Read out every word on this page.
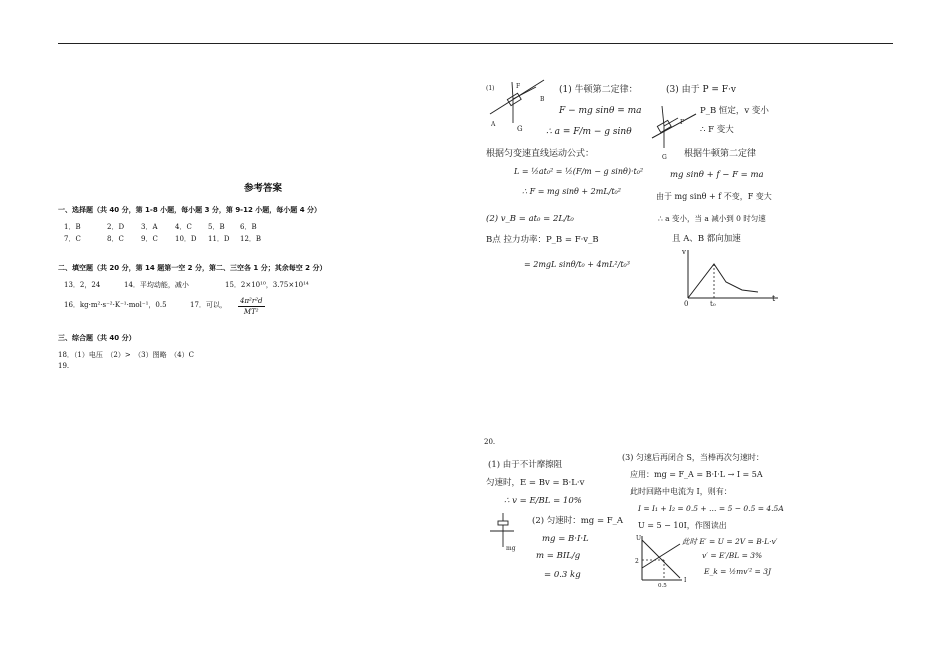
参考答案
一、选择题（共 40 分，第 1-8 小题，每小题 3 分，第 9-12 小题，每小题 4 分）
1．B	2．D 3．A 4．C 5．B 6．B
7．C	8．C 9．C 10．D 11．D 12．B
二、填空题（共 20 分，第 14 题第一空 2 分，第二、三空各 1 分；其余每空 2 分）
13．2，24	14．平均动能，减小	15．2×10¹⁰，3.75×10¹⁴
16．kg·m²·s⁻²·K⁻¹·mol⁻¹，0.5	17．可以， $\frac{\text{4π²r²d}}{\text{MT²}}$
三、综合题（共 40 分）
18．（1）电压　（2）>　（3）图略　（4）C
19.
G
A
B
(1)	F	(1) 牛顿第二定律：
F − mg sinθ = ma
∴ a = F/m − g sinθ
根据匀变速直线运动公式：
L = ½at₀² = ½(F/m − g sinθ)·t₀²
∴ F = mg sinθ + 2mL/t₀²
(2) v_B = at₀ = 2L/t₀
B点 拉力功率：P_B = F·v_B
= 2mgL sinθ/t₀ + 4mL²/t₀³
G
F
(3) 由于 P = F·v
P_B 恒定，v 变小
∴ F 变大
根据牛顿第二定律
mg sinθ + f − F = ma
由于 mg sinθ + f 不变，F 变大
∴ a 变小，当 a 减小到 0 时匀速
且 A、B 都向加速
v
t
0	t₀
20.
(1) 由于不计摩擦阻
匀速时，E = Bv = B·L·v
∴ v = E/BL = 10%
mg
(2) 匀速时：mg = F_A
mg = B·I·L
m = BIL/g
= 0.3 kg
(3) 匀速后再闭合 S，当棒再次匀速时：
应用：mg = F_A = B·I·L → I = 5A
此时回路中电流为 I，则有：
I = I₁ + I₂ = 0.5 + … = 5 − 0.5 = 4.5A
U = 5 − 10I，作图读出
此时 E′ = U = 2V = B·L·v′
v′ = E′/BL = 3%
E_k = ½mv′² = 3J
U
2
I
0.5
